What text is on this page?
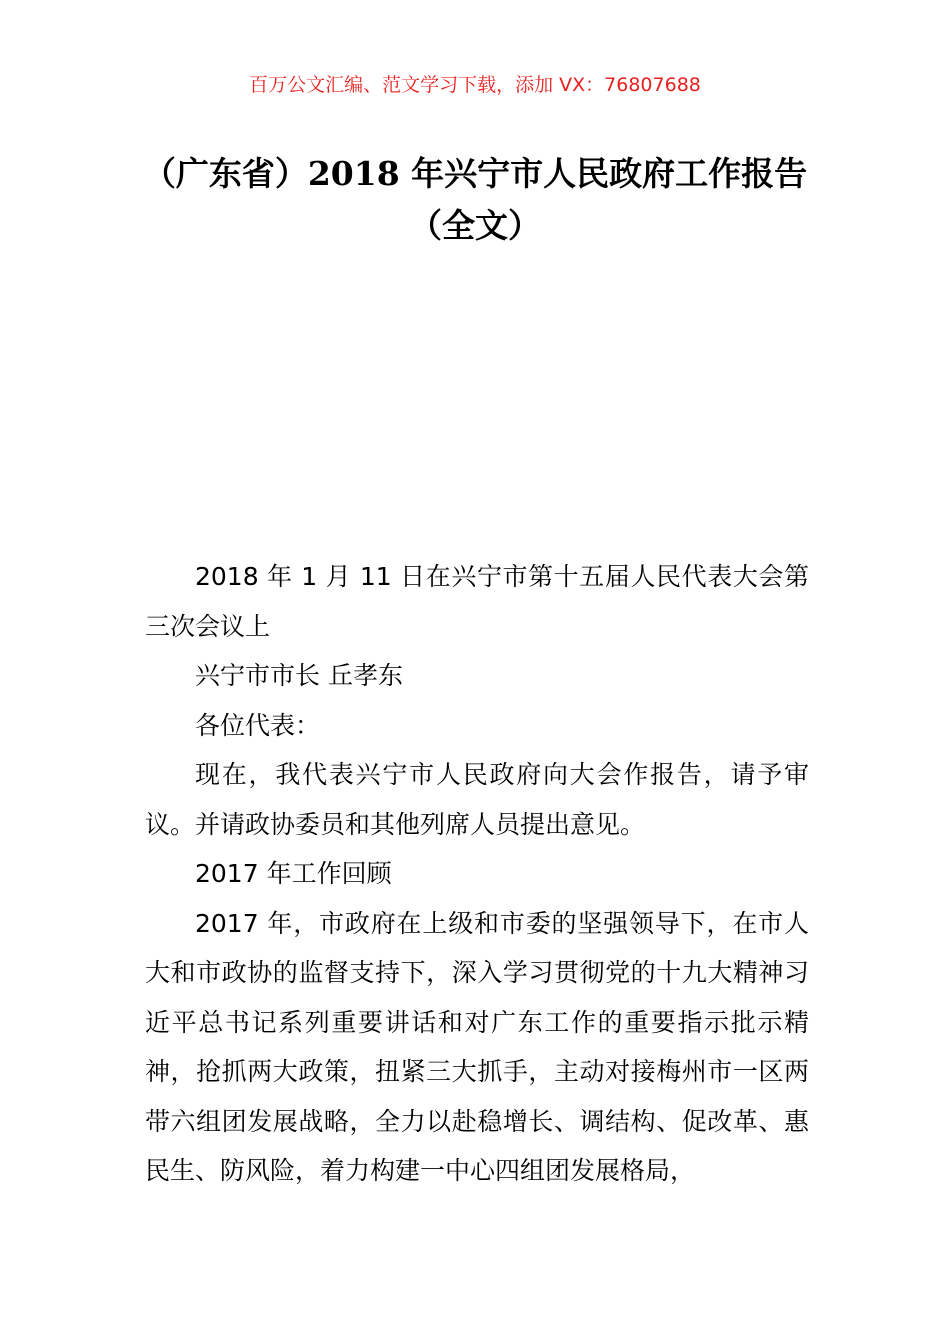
百万公文汇编、范文学习下载，添加 VX：76807688
（广东省）2018 年兴宁市人民政府工作报告（全文）

2018 年 1 月 11 日在兴宁市第十五届人民代表大会第三次会议上

兴宁市市长 丘孝东

各位代表：

现在，我代表兴宁市人民政府向大会作报告，请予审议。并请政协委员和其他列席人员提出意见。

2017 年工作回顾

2017 年，市政府在上级和市委的坚强领导下，在市人大和市政协的监督支持下，深入学习贯彻党的十九大精神习近平总书记系列重要讲话和对广东工作的重要指示批示精神，抢抓两大政策，扭紧三大抓手，主动对接梅州市一区两带六组团发展战略，全力以赴稳增长、调结构、促改革、惠民生、防风险，着力构建一中心四组团发展格局，
